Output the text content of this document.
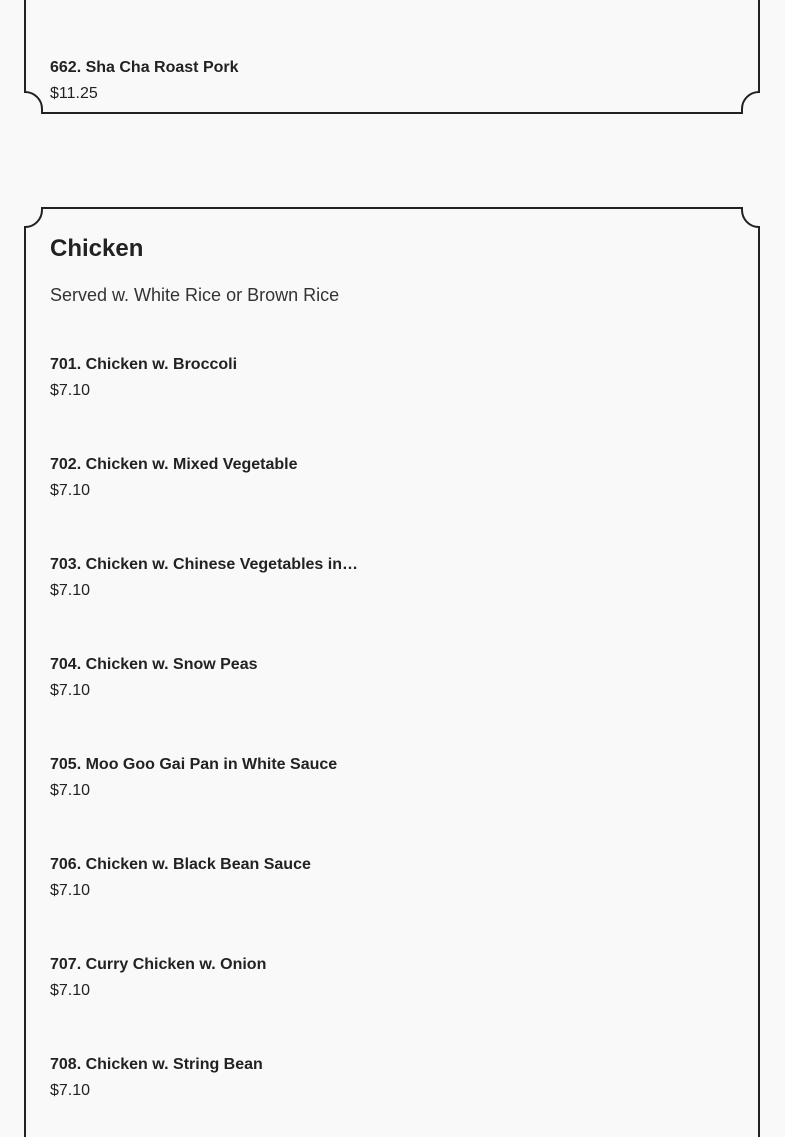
662. Sha Cha Roast Pork
$11.25
Chicken
Served w. White Rice or Brown Rice
701. Chicken w. Broccoli
$7.10
702. Chicken w. Mixed Vegetable
$7.10
703. Chicken w. Chinese Vegetables in…
$7.10
704. Chicken w. Snow Peas
$7.10
705. Moo Goo Gai Pan in White Sauce
$7.10
706. Chicken w. Black Bean Sauce
$7.10
707. Curry Chicken w. Onion
$7.10
708. Chicken w. String Bean
$7.10
